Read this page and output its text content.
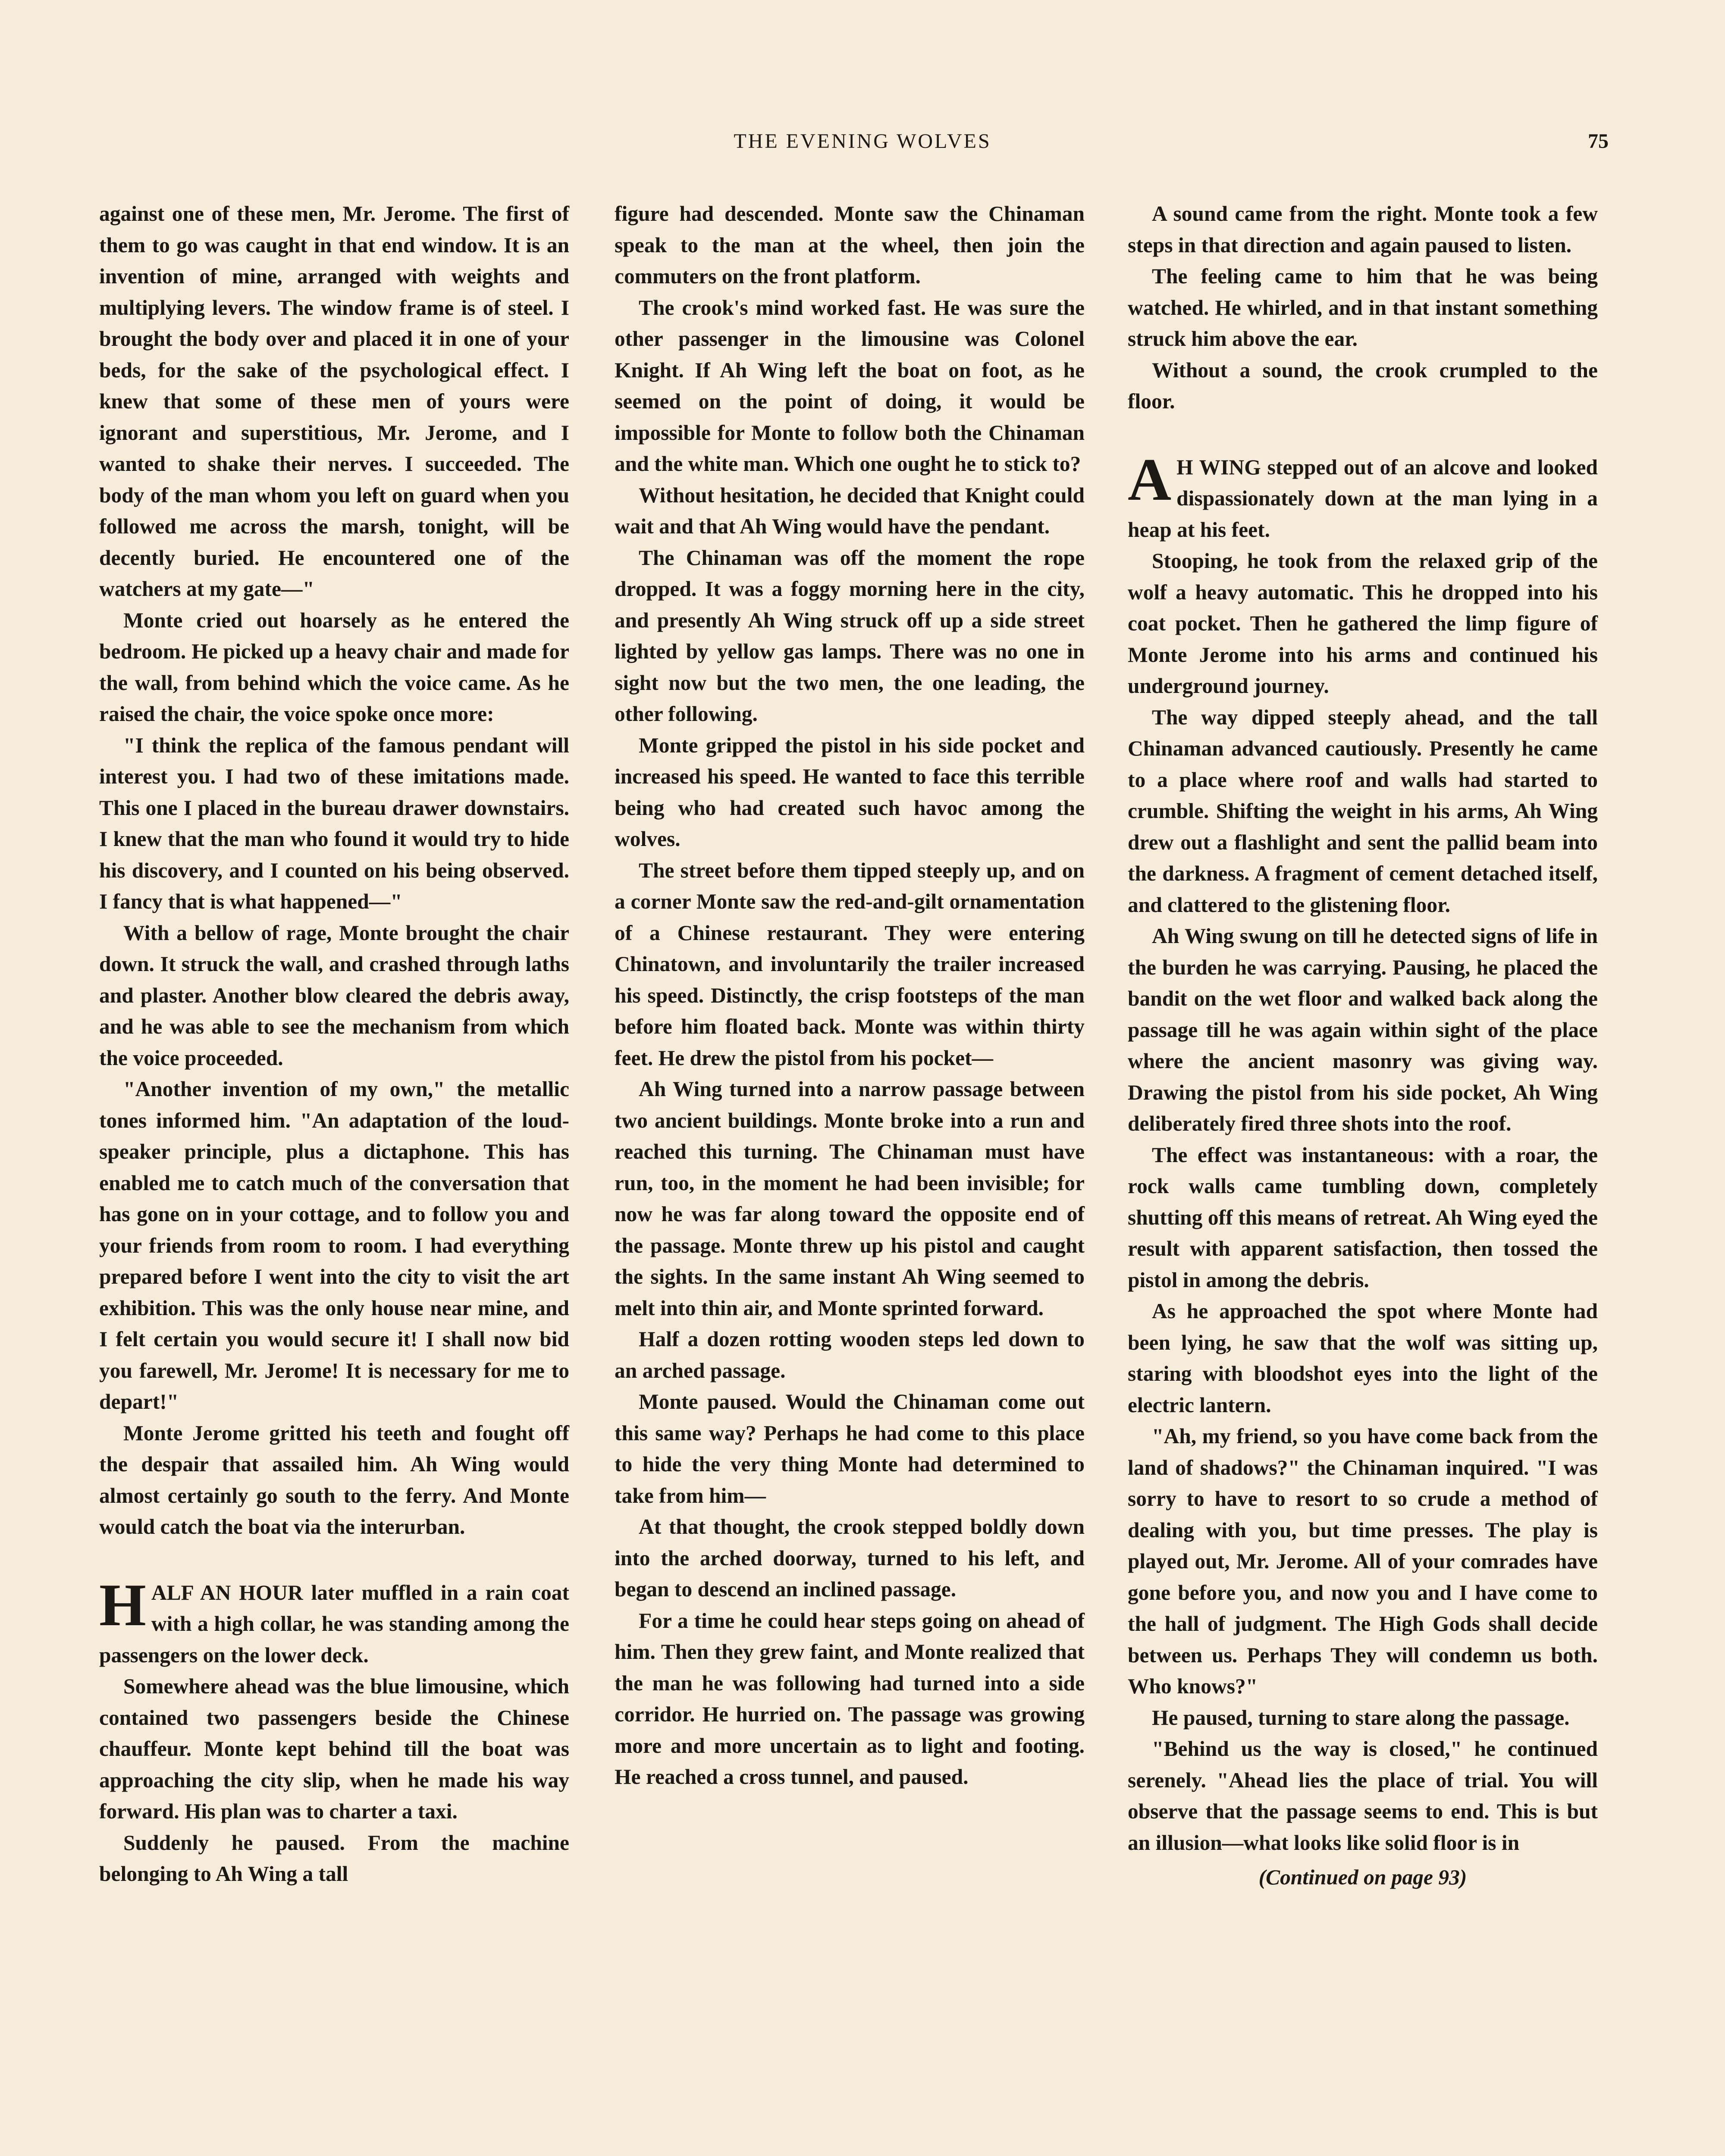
THE EVENING WOLVES	75

against one of these men, Mr. Jerome. The first of them to go was caught in that end window. It is an invention of mine, arranged with weights and multiplying levers. The window frame is of steel. I brought the body over and placed it in one of your beds, for the sake of the psychological effect. I knew that some of these men of yours were ignorant and superstitious, Mr. Jerome, and I wanted to shake their nerves. I succeeded. The body of the man whom you left on guard when you followed me across the marsh, tonight, will be decently buried. He encountered one of the watchers at my gate—"

Monte cried out hoarsely as he entered the bedroom. He picked up a heavy chair and made for the wall, from behind which the voice came. As he raised the chair, the voice spoke once more:

"I think the replica of the famous pendant will interest you. I had two of these imitations made. This one I placed in the bureau drawer downstairs. I knew that the man who found it would try to hide his discovery, and I counted on his being observed. I fancy that is what happened—"

With a bellow of rage, Monte brought the chair down. It struck the wall, and crashed through laths and plaster. Another blow cleared the debris away, and he was able to see the mechanism from which the voice proceeded.

"Another invention of my own," the metallic tones informed him. "An adaptation of the loud-speaker principle, plus a dictaphone. This has enabled me to catch much of the conversation that has gone on in your cottage, and to follow you and your friends from room to room. I had everything prepared before I went into the city to visit the art exhibition. This was the only house near mine, and I felt certain you would secure it! I shall now bid you farewell, Mr. Jerome! It is necessary for me to depart!"

Monte Jerome gritted his teeth and fought off the despair that assailed him. Ah Wing would almost certainly go south to the ferry. And Monte would catch the boat via the interurban.

HALF AN HOUR later muffled in a rain coat with a high collar, he was standing among the passengers on the lower deck.

Somewhere ahead was the blue limousine, which contained two passengers beside the Chinese chauffeur. Monte kept behind till the boat was approaching the city slip, when he made his way forward. His plan was to charter a taxi.

Suddenly he paused. From the machine belonging to Ah Wing a tall

figure had descended. Monte saw the Chinaman speak to the man at the wheel, then join the commuters on the front platform.

The crook's mind worked fast. He was sure the other passenger in the limousine was Colonel Knight. If Ah Wing left the boat on foot, as he seemed on the point of doing, it would be impossible for Monte to follow both the Chinaman and the white man. Which one ought he to stick to?

Without hesitation, he decided that Knight could wait and that Ah Wing would have the pendant.

The Chinaman was off the moment the rope dropped. It was a foggy morning here in the city, and presently Ah Wing struck off up a side street lighted by yellow gas lamps. There was no one in sight now but the two men, the one leading, the other following.

Monte gripped the pistol in his side pocket and increased his speed. He wanted to face this terrible being who had created such havoc among the wolves.

The street before them tipped steeply up, and on a corner Monte saw the red-and-gilt ornamentation of a Chinese restaurant. They were entering Chinatown, and involuntarily the trailer increased his speed. Distinctly, the crisp footsteps of the man before him floated back. Monte was within thirty feet. He drew the pistol from his pocket—

Ah Wing turned into a narrow passage between two ancient buildings. Monte broke into a run and reached this turning. The Chinaman must have run, too, in the moment he had been invisible; for now he was far along toward the opposite end of the passage. Monte threw up his pistol and caught the sights. In the same instant Ah Wing seemed to melt into thin air, and Monte sprinted forward.

Half a dozen rotting wooden steps led down to an arched passage.

Monte paused. Would the Chinaman come out this same way? Perhaps he had come to this place to hide the very thing Monte had determined to take from him—

At that thought, the crook stepped boldly down into the arched doorway, turned to his left, and began to descend an inclined passage.

For a time he could hear steps going on ahead of him. Then they grew faint, and Monte realized that the man he was following had turned into a side corridor. He hurried on. The passage was growing more and more uncertain as to light and footing. He reached a cross tunnel, and paused.

A sound came from the right. Monte took a few steps in that direction and again paused to listen.

The feeling came to him that he was being watched. He whirled, and in that instant something struck him above the ear.

Without a sound, the crook crumpled to the floor.

AH WING stepped out of an alcove and looked dispassionately down at the man lying in a heap at his feet.

Stooping, he took from the relaxed grip of the wolf a heavy automatic. This he dropped into his coat pocket. Then he gathered the limp figure of Monte Jerome into his arms and continued his underground journey.

The way dipped steeply ahead, and the tall Chinaman advanced cautiously. Presently he came to a place where roof and walls had started to crumble. Shifting the weight in his arms, Ah Wing drew out a flashlight and sent the pallid beam into the darkness. A fragment of cement detached itself, and clattered to the glistening floor.

Ah Wing swung on till he detected signs of life in the burden he was carrying. Pausing, he placed the bandit on the wet floor and walked back along the passage till he was again within sight of the place where the ancient masonry was giving way. Drawing the pistol from his side pocket, Ah Wing deliberately fired three shots into the roof.

The effect was instantaneous: with a roar, the rock walls came tumbling down, completely shutting off this means of retreat. Ah Wing eyed the result with apparent satisfaction, then tossed the pistol in among the debris.

As he approached the spot where Monte had been lying, he saw that the wolf was sitting up, staring with bloodshot eyes into the light of the electric lantern.

"Ah, my friend, so you have come back from the land of shadows?" the Chinaman inquired. "I was sorry to have to resort to so crude a method of dealing with you, but time presses. The play is played out, Mr. Jerome. All of your comrades have gone before you, and now you and I have come to the hall of judgment. The High Gods shall decide between us. Perhaps They will condemn us both. Who knows?"

He paused, turning to stare along the passage.

"Behind us the way is closed," he continued serenely. "Ahead lies the place of trial. You will observe that the passage seems to end. This is but an illusion—what looks like solid floor is in

(Continued on page 93)
